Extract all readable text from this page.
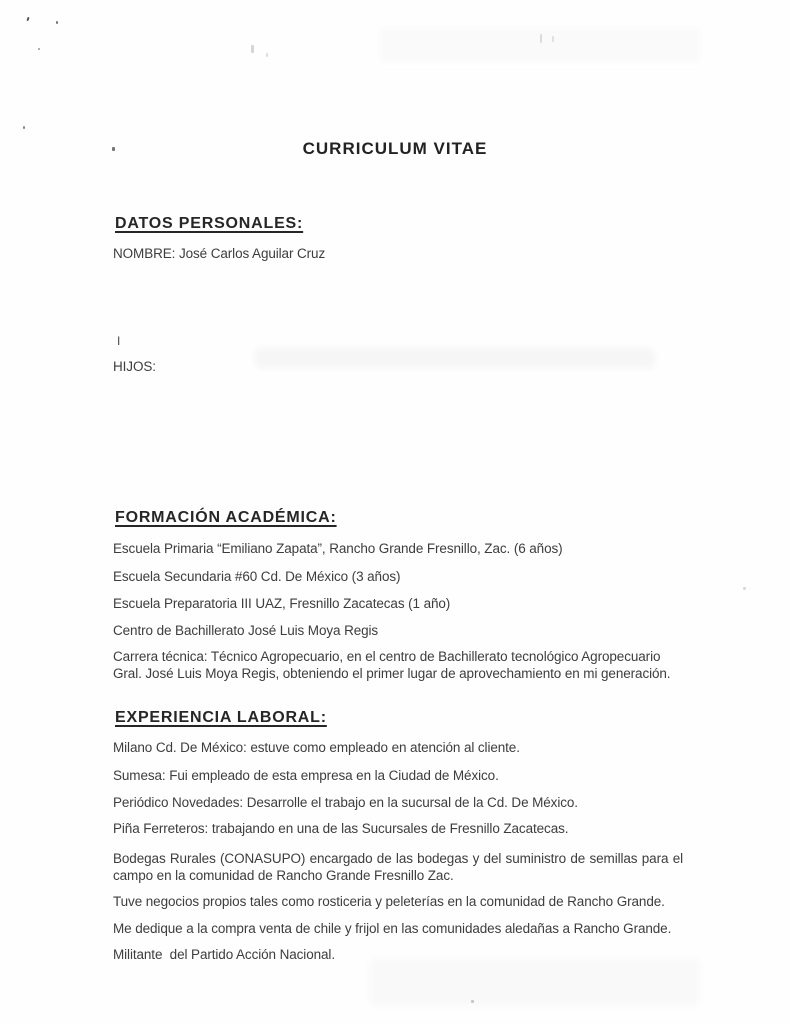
CURRICULUM VITAE
DATOS PERSONALES:
NOMBRE: José Carlos Aguilar Cruz
I
HIJOS:
FORMACIÓN ACADÉMICA:
Escuela Primaria “Emiliano Zapata”, Rancho Grande Fresnillo, Zac. (6 años)
Escuela Secundaria #60 Cd. De México (3 años)
Escuela Preparatoria III UAZ, Fresnillo Zacatecas (1 año)
Centro de Bachillerato José Luis Moya Regis
Carrera técnica: Técnico Agropecuario, en el centro de Bachillerato tecnológico Agropecuario Gral. José Luis Moya Regis, obteniendo el primer lugar de aprovechamiento en mi generación.
EXPERIENCIA LABORAL:
Milano Cd. De México: estuve como empleado en atención al cliente.
Sumesa: Fui empleado de esta empresa en la Ciudad de México.
Periódico Novedades: Desarrolle el trabajo en la sucursal de la Cd. De México.
Piña Ferreteros: trabajando en una de las Sucursales de Fresnillo Zacatecas.
Bodegas Rurales (CONASUPO) encargado de las bodegas y del suministro de semillas para el campo en la comunidad de Rancho Grande Fresnillo Zac.
Tuve negocios propios tales como rosticeria y peleterías en la comunidad de Rancho Grande.
Me dedique a la compra venta de chile y frijol en las comunidades aledañas a Rancho Grande.
Militante  del Partido Acción Nacional.
